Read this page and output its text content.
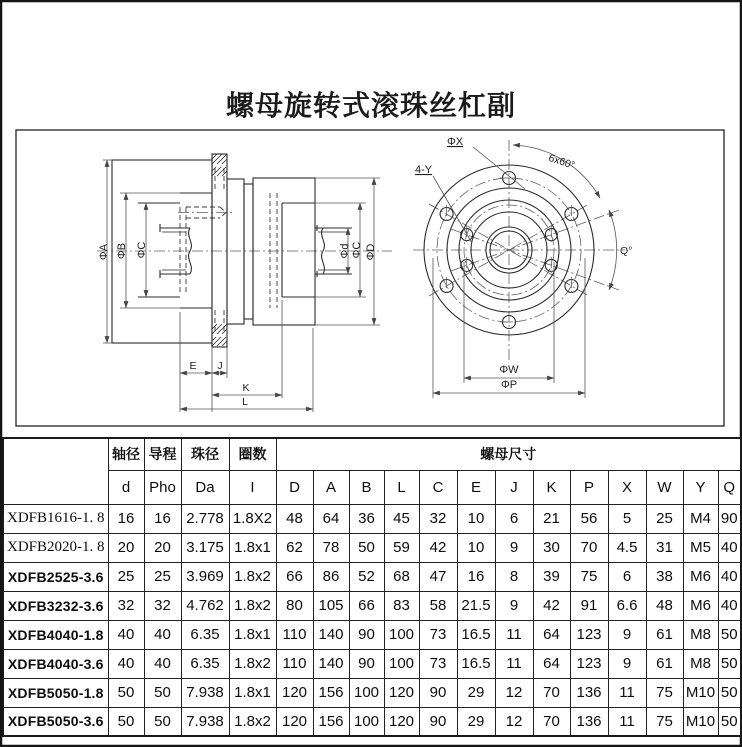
螺母旋转式滚珠丝杠副
ΦA ΦB ΦC	Φd ΦC ΦD
E J
K
L
ΦX
6x60°
4-Y
Q°
ΦW
ΦP
	轴径	导程	珠径	圈数	螺母尺寸												
	d	Pho	Da	I	D	A	B	L	C	E	J	K	P	X	W	Y	Q
XDFB1616-1. 8	16	16	2.778	1.8X2	48	64	36	45	32	10	6	21	56	5	25	M4	90
XDFB2020-1. 8	20	20	3.175	1.8x1	62	78	50	59	42	10	9	30	70	4.5	31	M5	40
XDFB2525-3.6	25	25	3.969	1.8x2	66	86	52	68	47	16	8	39	75	6	38	M6	40
XDFB3232-3.6	32	32	4.762	1.8x2	80	105	66	83	58	21.5	9	42	91	6.6	48	M6	40
XDFB4040-1.8	40	40	6.35	1.8x1	110	140	90	100	73	16.5	11	64	123	9	61	M8	50
XDFB4040-3.6	40	40	6.35	1.8x2	110	140	90	100	73	16.5	11	64	123	9	61	M8	50
XDFB5050-1.8	50	50	7.938	1.8x1	120	156	100	120	90	29	12	70	136	11	75	M10	50
XDFB5050-3.6	50	50	7.938	1.8x2	120	156	100	120	90	29	12	70	136	11	75	M10	50
